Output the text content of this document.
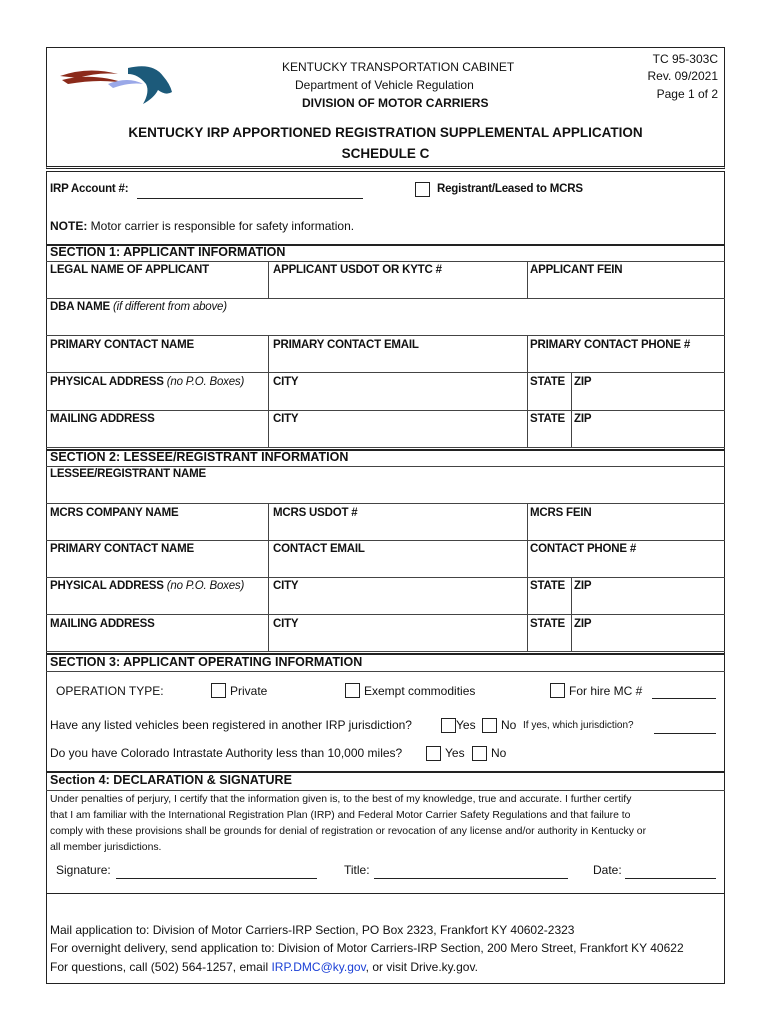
KENTUCKY TRANSPORTATION CABINET
Department of Vehicle Regulation
DIVISION OF MOTOR CARRIERS
TC 95-303C
Rev. 09/2021
Page 1 of 2
KENTUCKY IRP APPORTIONED REGISTRATION SUPPLEMENTAL APPLICATION
SCHEDULE C
IRP Account #:	Registrant/Leased to MCRS
NOTE: Motor carrier is responsible for safety information.
SECTION 1: APPLICANT INFORMATION
LEGAL NAME OF APPLICANT	APPLICANT USDOT OR KYTC #	APPLICANT FEIN
DBA NAME (if different from above)
PRIMARY CONTACT NAME	PRIMARY CONTACT EMAIL	PRIMARY CONTACT PHONE #
PHYSICAL ADDRESS (no P.O. Boxes)	CITY	STATE ZIP
MAILING ADDRESS	CITY	STATE ZIP
SECTION 2: LESSEE/REGISTRANT INFORMATION
LESSEE/REGISTRANT NAME
MCRS COMPANY NAME	MCRS USDOT #	MCRS FEIN
PRIMARY CONTACT NAME	CONTACT EMAIL	CONTACT PHONE #
PHYSICAL ADDRESS (no P.O. Boxes)	CITY	STATE ZIP
MAILING ADDRESS	CITY	STATE ZIP
SECTION 3: APPLICANT OPERATING INFORMATION
OPERATION TYPE:	Private	Exempt commodities	For hire MC #
Have any listed vehicles been registered in another IRP jurisdiction?	Yes No If yes, which jurisdiction?
Do you have Colorado Intrastate Authority less than 10,000 miles?	Yes No
Section 4: DECLARATION & SIGNATURE
Under penalties of perjury, I certify that the information given is, to the best of my knowledge, true and accurate. I further certify
that I am familiar with the International Registration Plan (IRP) and Federal Motor Carrier Safety Regulations and that failure to
comply with these provisions shall be grounds for denial of registration or revocation of any license and/or authority in Kentucky or
all member jurisdictions.
Signature:	Title:	Date:
Mail application to: Division of Motor Carriers-IRP Section, PO Box 2323, Frankfort KY 40602-2323
For overnight delivery, send application to: Division of Motor Carriers-IRP Section, 200 Mero Street, Frankfort KY 40622
For questions, call (502) 564-1257, email IRP.DMC@ky.gov, or visit Drive.ky.gov.
